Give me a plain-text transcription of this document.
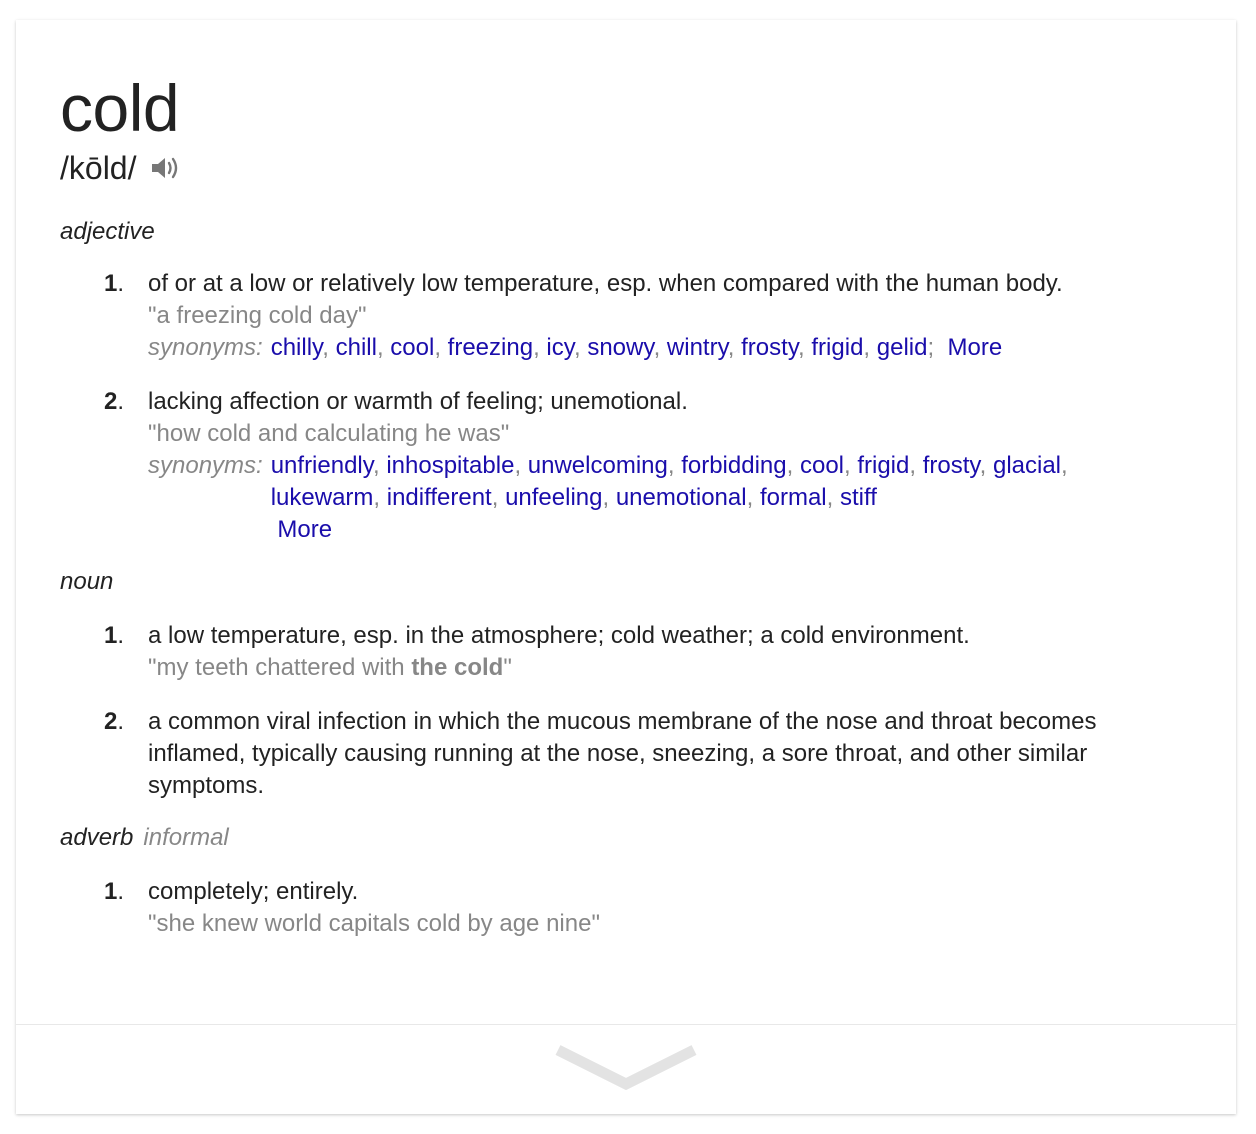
cold
/kōld/
adjective
1. of or at a low or relatively low temperature, esp. when compared with the human body.
"a freezing cold day"
synonyms: chilly, chill, cool, freezing, icy, snowy, wintry, frosty, frigid, gelid;  More
2. lacking affection or warmth of feeling; unemotional.
"how cold and calculating he was"
synonyms: unfriendly, inhospitable, unwelcoming, forbidding, cool, frigid, frosty, glacial, lukewarm, indifferent, unfeeling, unemotional, formal, stiff
More
noun
1. a low temperature, esp. in the atmosphere; cold weather; a cold environment.
"my teeth chattered with the cold"
2. a common viral infection in which the mucous membrane of the nose and throat becomes inflamed, typically causing running at the nose, sneezing, a sore throat, and other similar symptoms.
adverb informal
1. completely; entirely.
"she knew world capitals cold by age nine"
